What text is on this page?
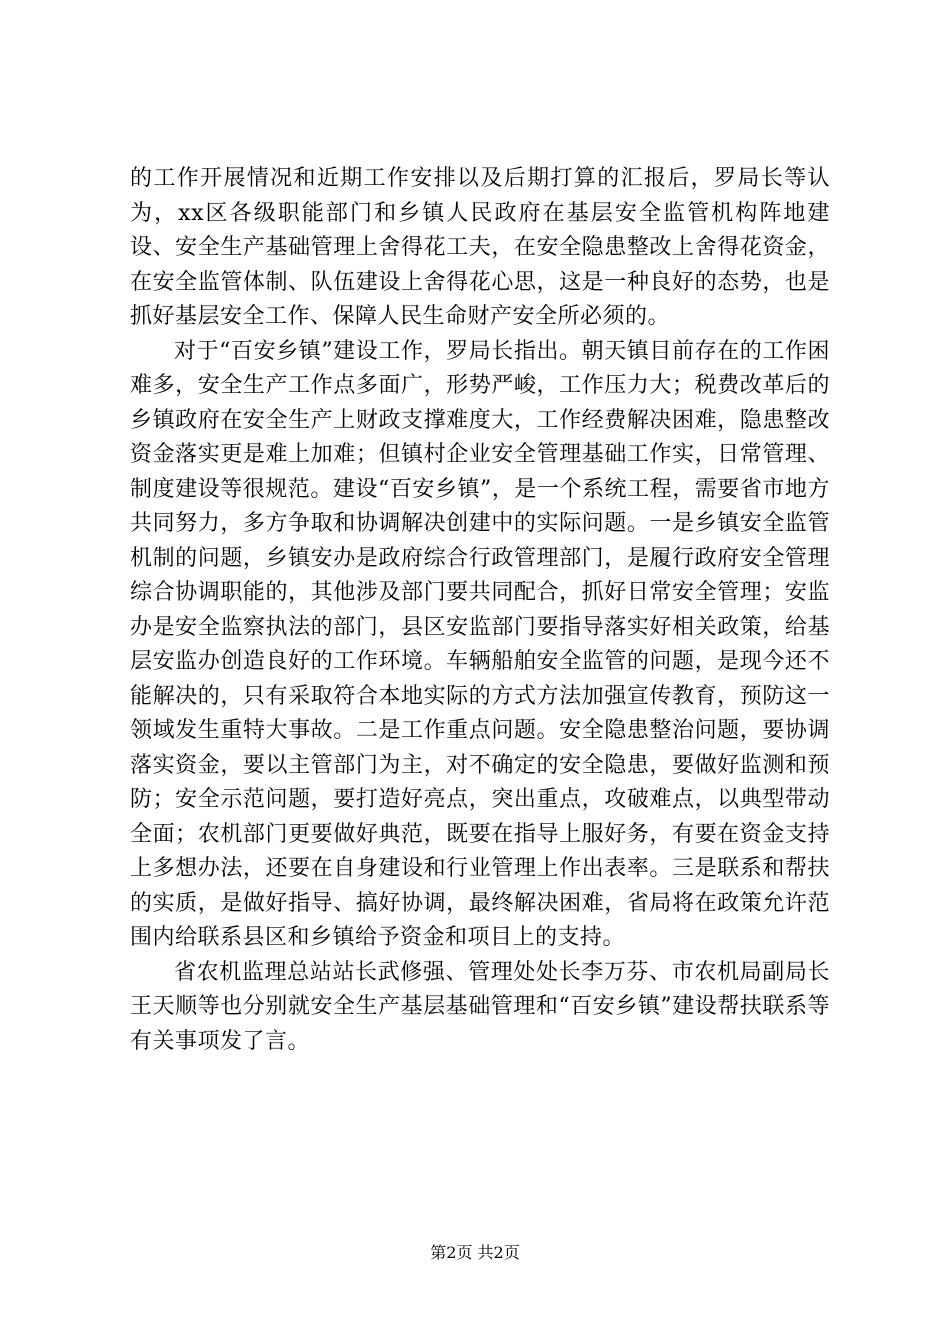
的工作开展情况和近期工作安排以及后期打算的汇报后，罗局长等认为，xx区各级职能部门和乡镇人民政府在基层安全监管机构阵地建设、安全生产基础管理上舍得花工夫，在安全隐患整改上舍得花资金，在安全监管体制、队伍建设上舍得花心思，这是一种良好的态势，也是抓好基层安全工作、保障人民生命财产安全所必须的。

对于“百安乡镇”建设工作，罗局长指出。朝天镇目前存在的工作困难多，安全生产工作点多面广，形势严峻，工作压力大；税费改革后的乡镇政府在安全生产上财政支撑难度大，工作经费解决困难，隐患整改资金落实更是难上加难；但镇村企业安全管理基础工作实，日常管理、制度建设等很规范。建设“百安乡镇”，是一个系统工程，需要省市地方共同努力，多方争取和协调解决创建中的实际问题。一是乡镇安全监管机制的问题，乡镇安办是政府综合行政管理部门，是履行政府安全管理综合协调职能的，其他涉及部门要共同配合，抓好日常安全管理；安监办是安全监察执法的部门，县区安监部门要指导落实好相关政策，给基层安监办创造良好的工作环境。车辆船舶安全监管的问题，是现今还不能解决的，只有采取符合本地实际的方式方法加强宣传教育，预防这一领域发生重特大事故。二是工作重点问题。安全隐患整治问题，要协调落实资金，要以主管部门为主，对不确定的安全隐患，要做好监测和预防；安全示范问题，要打造好亮点，突出重点，攻破难点，以典型带动全面；农机部门更要做好典范，既要在指导上服好务，有要在资金支持上多想办法，还要在自身建设和行业管理上作出表率。三是联系和帮扶的实质，是做好指导、搞好协调，最终解决困难，省局将在政策允许范围内给联系县区和乡镇给予资金和项目上的支持。

省农机监理总站站长武修强、管理处处长李万芬、市农机局副局长王天顺等也分别就安全生产基层基础管理和“百安乡镇”建设帮扶联系等有关事项发了言。

第2页 共2页
